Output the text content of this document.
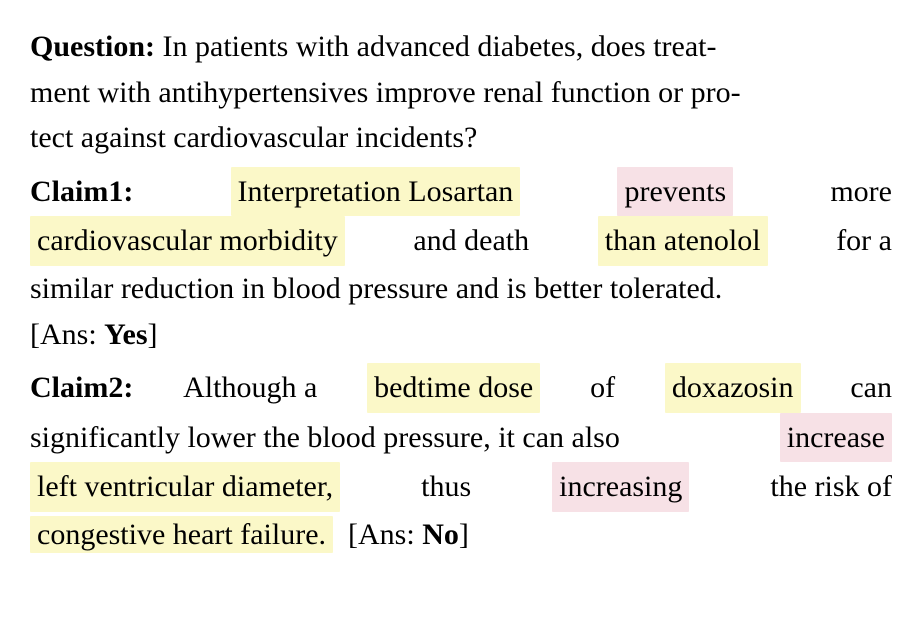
Question: In patients with advanced diabetes, does treat-
ment with antihypertensives improve renal function or pro-
tect against cardiovascular incidents?
Claim1:	Interpretation Losartan	prevents	more
cardiovascular morbidity	and death	than atenolol	for a
similar reduction in blood pressure and is better tolerated.
[Ans: Yes]
Claim2: Although a bedtime dose of doxazosin can
significantly lower the blood pressure, it can also	increase
left ventricular diameter,	thus	increasing	the risk of
congestive heart failure. [Ans: No]
